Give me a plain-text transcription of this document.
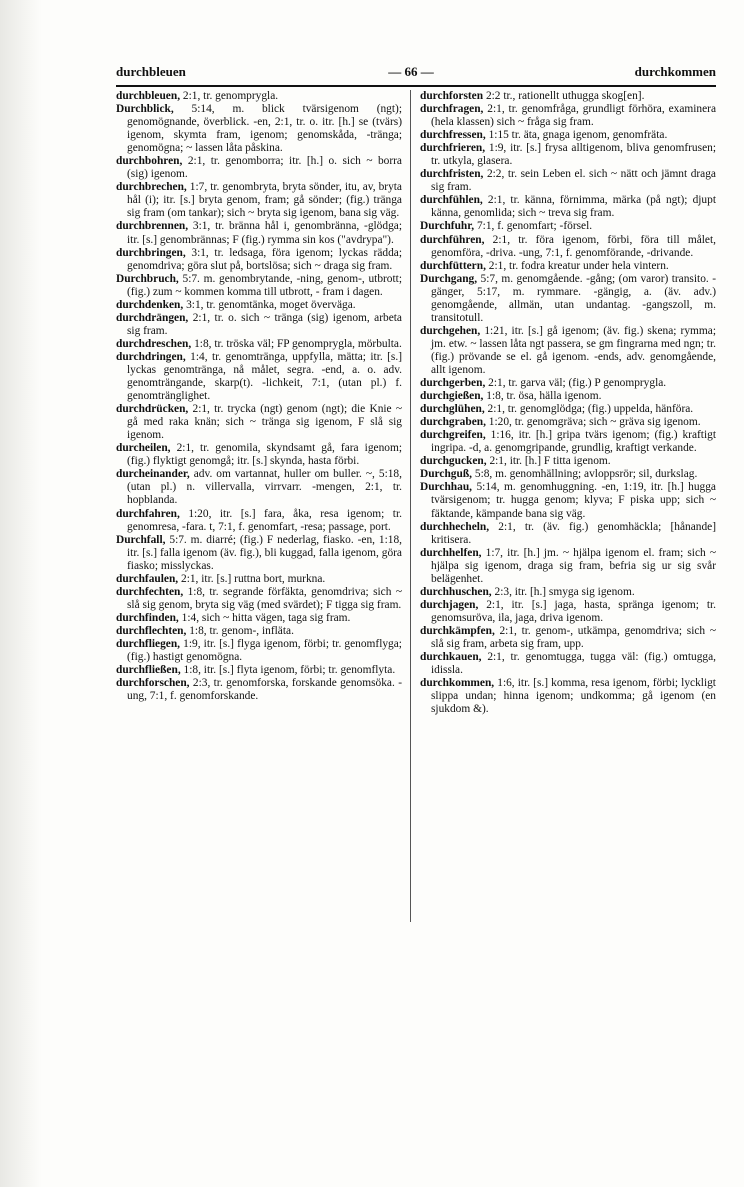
durchbleuen	— 66 —	durchkommen

durchbleuen, 2:1, tr. genomprygla.

Durchblick, 5:14, m. blick tvärsigenom (ngt); genomögnande, överblick. -en, 2:1, tr. o. itr. [h.] se (tvärs) igenom, skymta fram, igenom; genomskåda, -tränga; genomögna; ~ lassen låta påskina.

durchbohren, 2:1, tr. genomborra; itr. [h.] o. sich ~ borra (sig) igenom.

durchbrechen, 1:7, tr. genombryta, bryta sönder, itu, av, bryta hål (i); itr. [s.] bryta genom, fram; gå sönder; (fig.) tränga sig fram (om tankar); sich ~ bryta sig igenom, bana sig väg.

durchbrennen, 3:1, tr. bränna hål i, genombränna, -glödga; itr. [s.] genombrännas; F (fig.) rymma sin kos ("avdrypa").

durchbringen, 3:1, tr. ledsaga, föra igenom; lyckas rädda; genomdriva; göra slut på, bortslösa; sich ~ draga sig fram.

Durchbruch, 5:7. m. genombrytande, -ning, genom-, utbrott; (fig.) zum ~ kommen komma till utbrott, - fram i dagen.

durchdenken, 3:1, tr. genomtänka, moget överväga.

durchdrängen, 2:1, tr. o. sich ~ tränga (sig) igenom, arbeta sig fram.

durchdreschen, 1:8, tr. tröska väl; FP genomprygla, mörbulta.

durchdringen, 1:4, tr. genomtränga, uppfylla, mätta; itr. [s.] lyckas genomtränga, nå målet, segra. -end, a. o. adv. genomträngande, skarp(t). -lichkeit, 7:1, (utan pl.) f. genomtränglighet.

durchdrücken, 2:1, tr. trycka (ngt) genom (ngt); die Knie ~ gå med raka knän; sich ~ tränga sig igenom, F slå sig igenom.

durcheilen, 2:1, tr. genomila, skyndsamt gå, fara igenom; (fig.) flyktigt genomgå; itr. [s.] skynda, hasta förbi.

durcheinander, adv. om vartannat, huller om buller. ~, 5:18, (utan pl.) n. villervalla, virrvarr. -mengen, 2:1, tr. hopblanda.

durchfahren, 1:20, itr. [s.] fara, åka, resa igenom; tr. genomresa, -fara. t, 7:1, f. genomfart, -resa; passage, port.

Durchfall, 5:7. m. diarré; (fig.) F nederlag, fiasko. -en, 1:18, itr. [s.] falla igenom (äv. fig.), bli kuggad, falla igenom, göra fiasko; misslyckas.

durchfaulen, 2:1, itr. [s.] ruttna bort, murkna.

durchfechten, 1:8, tr. segrande förfäkta, genomdriva; sich ~ slå sig genom, bryta sig väg (med svärdet); F tigga sig fram.

durchfinden, 1:4, sich ~ hitta vägen, taga sig fram.

durchflechten, 1:8, tr. genom-, infläta.

durchfliegen, 1:9, itr. [s.] flyga igenom, förbi; tr. genomflyga; (fig.) hastigt genomögna.

durchfließen, 1:8, itr. [s.] flyta igenom, förbi; tr. genomflyta.

durchforschen, 2:3, tr. genomforska, forskande genomsöka. -ung, 7:1, f. genomforskande.

durchforsten 2:2 tr., rationellt uthugga skog[en].

durchfragen, 2:1, tr. genomfråga, grundligt förhöra, examinera (hela klassen) sich ~ fråga sig fram.

durchfressen, 1:15 tr. äta, gnaga igenom, genomfräta.

durchfrieren, 1:9, itr. [s.] frysa alltigenom, bliva genomfrusen; tr. utkyla, glasera.

durchfristen, 2:2, tr. sein Leben el. sich ~ nätt och jämnt draga sig fram.

durchfühlen, 2:1, tr. känna, förnimma, märka (på ngt); djupt känna, genomlida; sich ~ treva sig fram.

Durchfuhr, 7:1, f. genomfart; -försel.

durchführen, 2:1, tr. föra igenom, förbi, föra till målet, genomföra, -driva. -ung, 7:1, f. genomförande, -drivande.

durchfüttern, 2:1, tr. fodra kreatur under hela vintern.

Durchgang, 5:7, m. genomgående. -gång; (om varor) transito. -gänger, 5:17, m. rymmare. -gängig, a. (äv. adv.) genomgående, allmän, utan undantag. -gangszoll, m. transitotull.

durchgehen, 1:21, itr. [s.] gå igenom; (äv. fig.) skena; rymma; jm. etw. ~ lassen låta ngt passera, se gm fingrarna med ngn; tr. (fig.) prövande se el. gå igenom. -ends, adv. genomgående, allt igenom.

durchgerben, 2:1, tr. garva väl; (fig.) P genomprygla.

durchgießen, 1:8, tr. ösa, hälla igenom.

durchglühen, 2:1, tr. genomglödga; (fig.) uppelda, hänföra.

durchgraben, 1:20, tr. genomgräva; sich ~ gräva sig igenom.

durchgreifen, 1:16, itr. [h.] gripa tvärs igenom; (fig.) kraftigt ingripa. -d, a. genomgripande, grundlig, kraftigt verkande.

durchgucken, 2:1, itr. [h.] F titta igenom.

Durchguß, 5:8, m. genomhällning; avloppsrör; sil, durkslag.

Durchhau, 5:14, m. genomhuggning. -en, 1:19, itr. [h.] hugga tvärsigenom; tr. hugga genom; klyva; F piska upp; sich ~ fäktande, kämpande bana sig väg.

durchhecheln, 2:1, tr. (äv. fig.) genomhäckla; [hånande] kritisera.

durchhelfen, 1:7, itr. [h.] jm. ~ hjälpa igenom el. fram; sich ~ hjälpa sig igenom, draga sig fram, befria sig ur sig svår belägenhet.

durchhuschen, 2:3, itr. [h.] smyga sig igenom.

durchjagen, 2:1, itr. [s.] jaga, hasta, spränga igenom; tr. genomsuröva, ila, jaga, driva igenom.

durchkämpfen, 2:1, tr. genom-, utkämpa, genomdriva; sich ~ slå sig fram, arbeta sig fram, upp.

durchkauen, 2:1, tr. genomtugga, tugga väl: (fig.) omtugga, idissla.

durchkommen, 1:6, itr. [s.] komma, resa igenom, förbi; lyckligt slippa undan; hinna igenom; undkomma; gå igenom (en sjukdom &).
